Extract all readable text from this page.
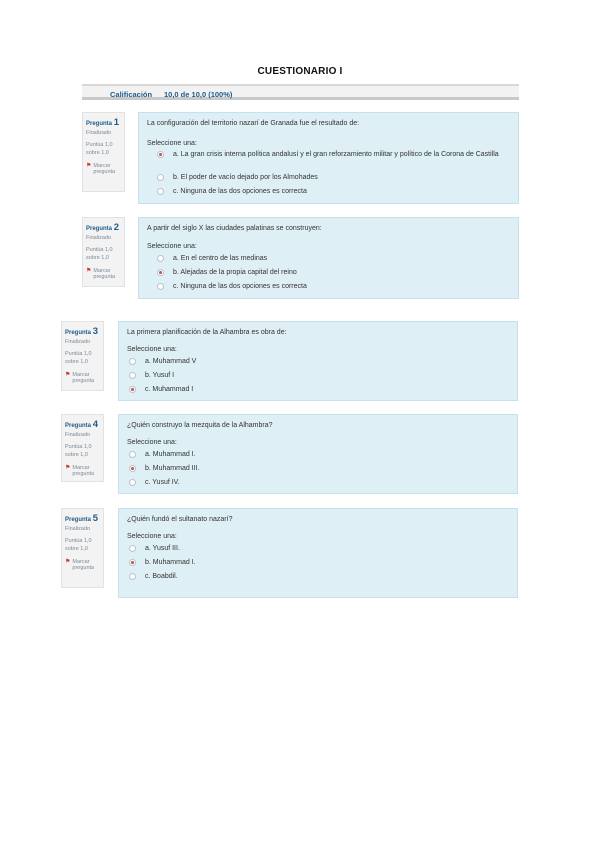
CUESTIONARIO I
Calificación 10,0 de 10,0 (100%)
Pregunta 1
Finalizado
Puntúa 1,0 sobre 1,0
⚑ Marcar pregunta
La configuración del territorio nazarí de Granada fue el resultado de:
Seleccione una:
a. La gran crisis interna política andalusí y el gran reforzamiento militar y político de la Corona de Castilla
b. El poder de vacío dejado por los Almohades
c. Ninguna de las dos opciones es correcta
Pregunta 2
Finalizado
Puntúa 1,0 sobre 1,0
⚑ Marcar pregunta
A partir del siglo X las ciudades palatinas se construyen:
Seleccione una:
a. En el centro de las medinas
b. Alejadas de la propia capital del reino
c. Ninguna de las dos opciones es correcta
Pregunta 3
Finalizado
Puntúa 1,0 sobre 1,0
⚑ Marcar pregunta
La primera planificación de la Alhambra es obra de:
Seleccione una:
a. Muhammad V
b. Yusuf I
c. Muhammad I
Pregunta 4
Finalizado
Puntúa 1,0 sobre 1,0
⚑ Marcar pregunta
¿Quién construyo la mezquita de la Alhambra?
Seleccione una:
a. Muhammad I.
b. Muhammad III.
c. Yusuf IV.
Pregunta 5
Finalizado
Puntúa 1,0 sobre 1,0
⚑ Marcar pregunta
¿Quién fundó el sultanato nazarí?
Seleccione una:
a. Yusuf III.
b. Muhammad I.
c. Boabdil.
